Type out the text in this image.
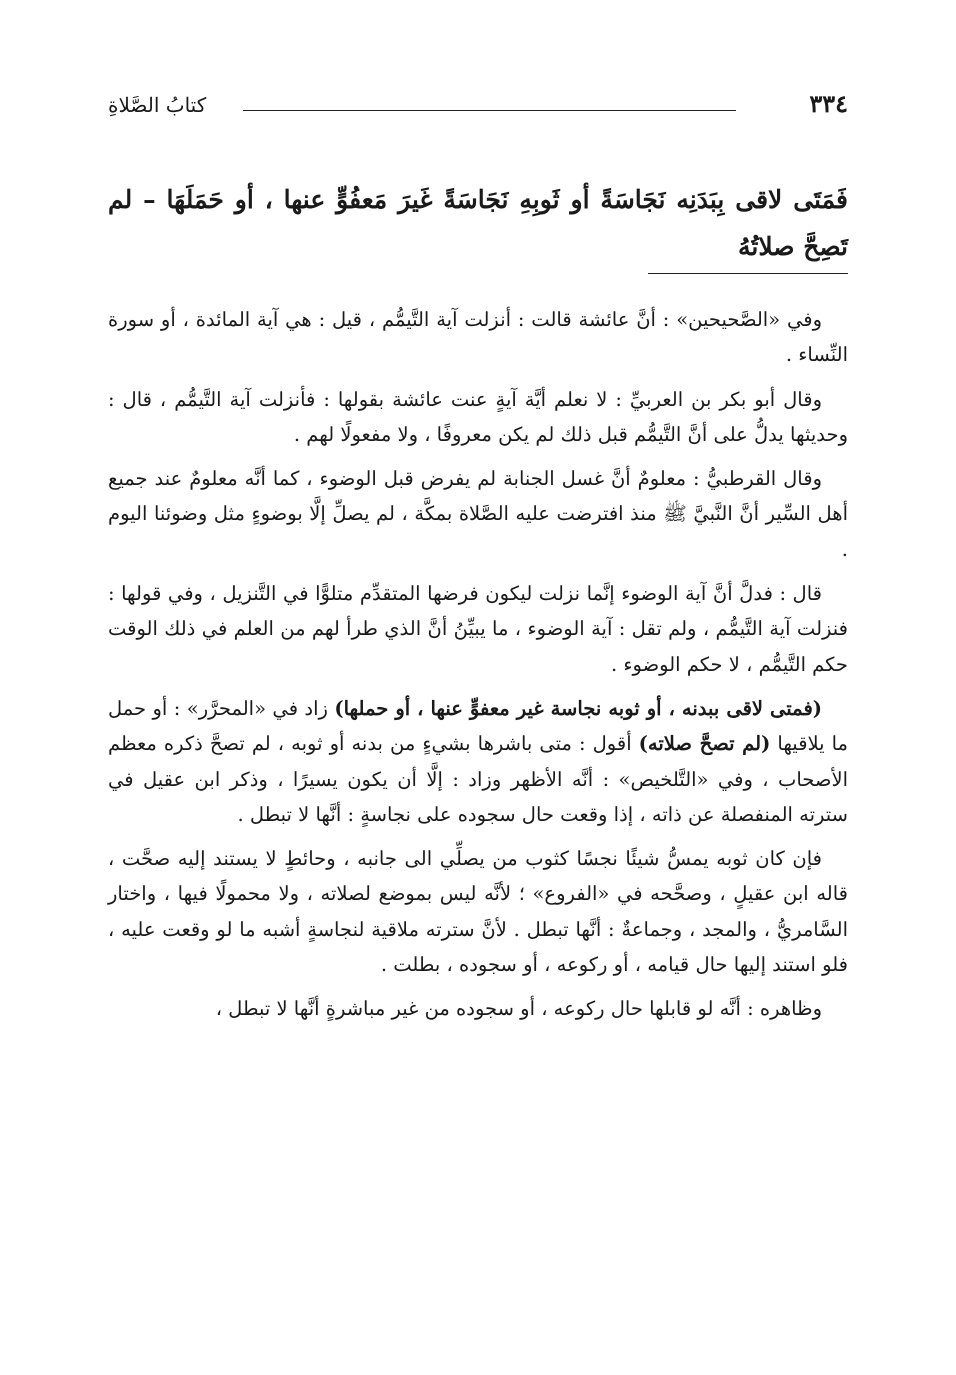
٣٣٤
كتابُ الصَّلاةِ
فَمَتَى لاقى بِبَدَنِه نَجَاسَةً أو ثَوبِهِ نَجَاسَةً غَيرَ مَعفُوٍّ عنها ، أو حَمَلَهَا – لم تَصِحَّ صلاتُهُ

وفي «الصَّحيحين» : أنَّ عائشة قالت : أنزلت آية التَّيمُّم ، قيل : هي آية المائدة ، أو سورة النِّساء .

وقال أبو بكر بن العربيِّ : لا نعلم أيَّة آيةٍ عنت عائشة بقولها : فأنزلت آية التَّيمُّم ، قال : وحديثها يدلُّ على أنَّ التَّيمُّم قبل ذلك لم يكن معروفًا ، ولا مفعولًا لهم .

وقال القرطبيُّ : معلومٌ أنَّ غسل الجنابة لم يفرض قبل الوضوء ، كما أنَّه معلومٌ عند جميع أهل السِّير أنَّ النَّبيَّ ﷺ منذ افترضت عليه الصَّلاة بمكَّة ، لم يصلِّ إلَّا بوضوءٍ مثل وضوئنا اليوم .

قال : فدلَّ أنَّ آية الوضوء إنَّما نزلت ليكون فرضها المتقدِّم متلوًّا في التَّنزيل ، وفي قولها : فنزلت آية التَّيمُّم ، ولم تقل : آية الوضوء ، ما يبيِّنُ أنَّ الذي طرأ لهم من العلم في ذلك الوقت حكم التَّيمُّم ، لا حكم الوضوء .

(فمتى لاقى ببدنه ، أو ثوبه نجاسة غير معفوٍّ عنها ، أو حملها) زاد في «المحرَّر» : أو حمل ما يلاقيها (لم تصحَّ صلاته) أقول : متى باشرها بشيءٍ من بدنه أو ثوبه ، لم تصحَّ ذكره معظم الأصحاب ، وفي «التَّلخيص» : أنَّه الأظهر وزاد : إلَّا أن يكون يسيرًا ، وذكر ابن عقيل في سترته المنفصلة عن ذاته ، إذا وقعت حال سجوده على نجاسةٍ : أنَّها لا تبطل .

فإن كان ثوبه يمسُّ شيئًا نجسًا كثوب من يصلِّي الى جانبه ، وحائطٍ لا يستند إليه صحَّت ، قاله ابن عقيلٍ ، وصحَّحه في «الفروع» ؛ لأنَّه ليس بموضع لصلاته ، ولا محمولًا فيها ، واختار السَّامريُّ ، والمجد ، وجماعةٌ : أنَّها تبطل . لأنَّ سترته ملاقية لنجاسةٍ أشبه ما لو وقعت عليه ، فلو استند إليها حال قيامه ، أو ركوعه ، أو سجوده ، بطلت .

وظاهره : أنَّه لو قابلها حال ركوعه ، أو سجوده من غير مباشرةٍ أنَّها لا تبطل ،
